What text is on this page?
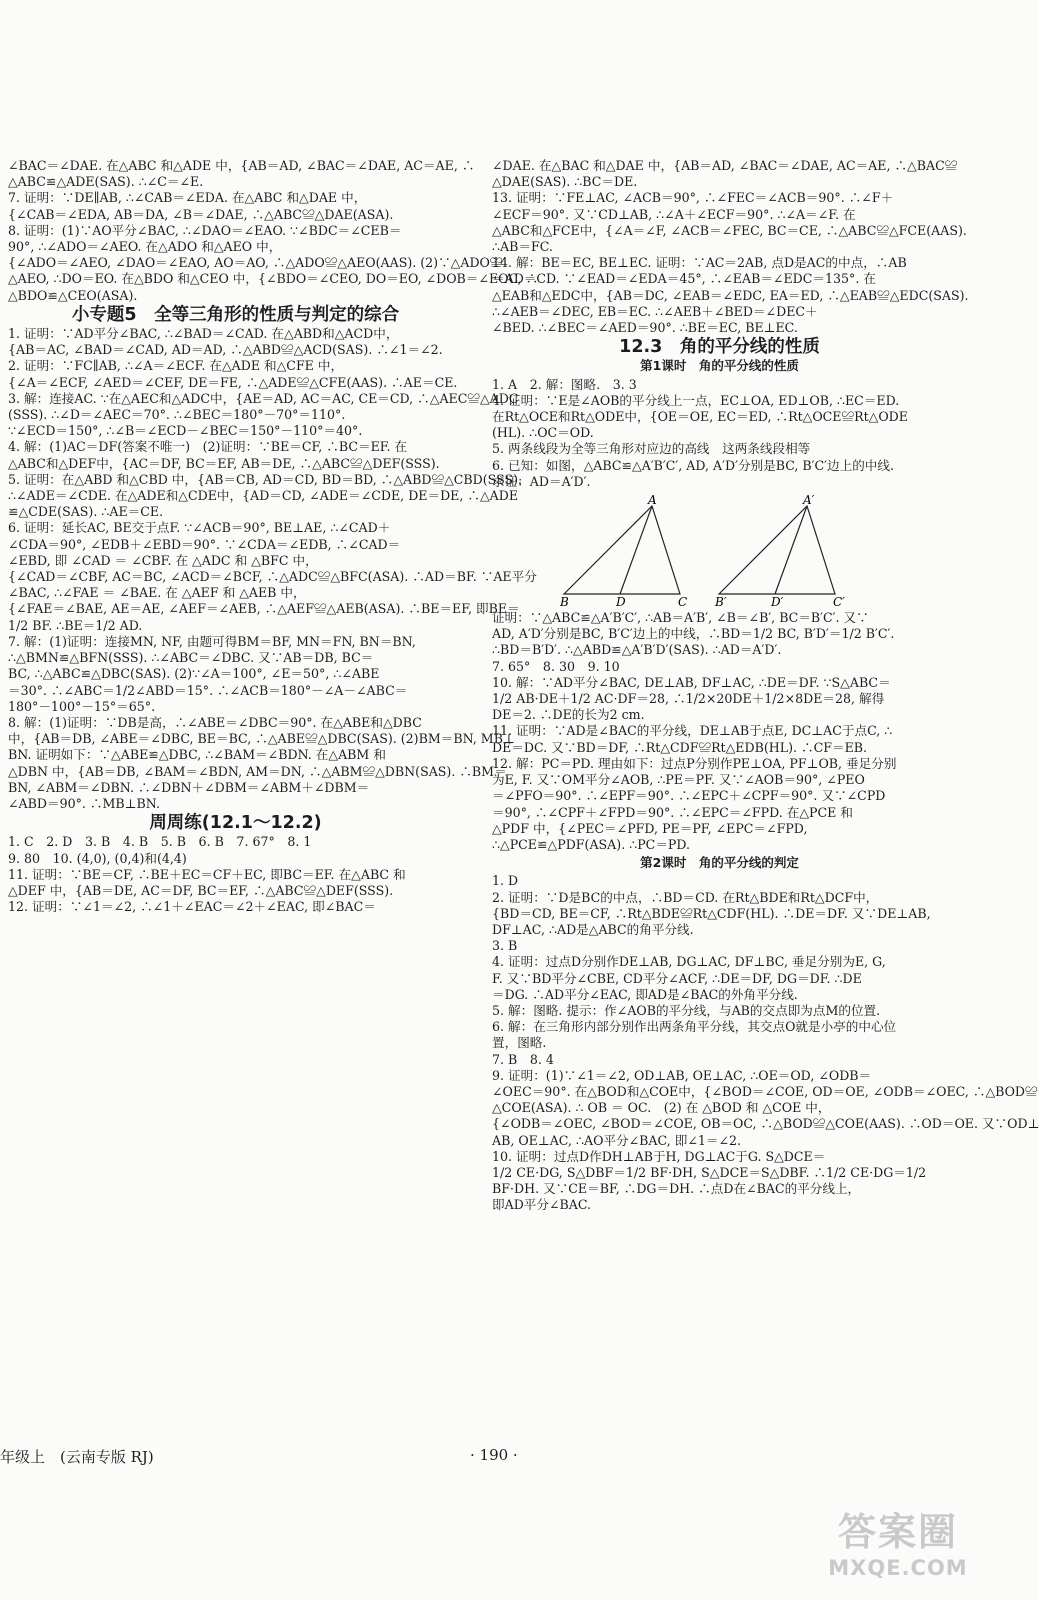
∠BAC＝∠DAE. 在△ABC 和△ADE 中，{AB＝AD, ∠BAC＝∠DAE, AC＝AE, ∴
△ABC≌△ADE(SAS). ∴∠C＝∠E.
7. 证明：∵DE∥AB, ∴∠CAB＝∠EDA. 在△ABC 和△DAE 中，
{∠CAB＝∠EDA, AB＝DA, ∠B＝∠DAE, ∴△ABC≌△DAE(ASA).
8. 证明：(1)∵AO平分∠BAC, ∴∠DAO＝∠EAO. ∵∠BDC＝∠CEB＝
90°, ∴∠ADO＝∠AEO. 在△ADO 和△AEO 中，
{∠ADO＝∠AEO, ∠DAO＝∠EAO, AO＝AO, ∴△ADO≌△AEO(AAS). (2)∵△ADO≌
△AEO, ∴DO＝EO. 在△BDO 和△CEO 中，{∠BDO＝∠CEO, DO＝EO, ∠DOB＝∠EOC, ∴
△BDO≌△CEO(ASA).
小专题5　全等三角形的性质与判定的综合
1. 证明：∵AD平分∠BAC, ∴∠BAD＝∠CAD. 在△ABD和△ACD中，
{AB＝AC, ∠BAD＝∠CAD, AD＝AD, ∴△ABD≌△ACD(SAS). ∴∠1＝∠2.
2. 证明：∵FC∥AB, ∴∠A＝∠ECF. 在△ADE 和△CFE 中，
{∠A＝∠ECF, ∠AED＝∠CEF, DE＝FE, ∴△ADE≌△CFE(AAS). ∴AE＝CE.
3. 解：连接AC. ∵在△AEC和△ADC中，{AE＝AD, AC＝AC, CE＝CD, ∴△AEC≌△ADC
(SSS). ∴∠D＝∠AEC＝70°. ∴∠BEC＝180°－70°＝110°.
∵∠ECD＝150°, ∴∠B＝∠ECD－∠BEC＝150°－110°＝40°.
4. 解：(1)AC＝DF(答案不唯一)　(2)证明：∵BE＝CF, ∴BC＝EF. 在
△ABC和△DEF中，{AC＝DF, BC＝EF, AB＝DE, ∴△ABC≌△DEF(SSS).
5. 证明：在△ABD 和△CBD 中，{AB＝CB, AD＝CD, BD＝BD, ∴△ABD≌△CBD(SSS).
∴∠ADE＝∠CDE. 在△ADE和△CDE中，{AD＝CD, ∠ADE＝∠CDE, DE＝DE, ∴△ADE
≌△CDE(SAS). ∴AE＝CE.
6. 证明：延长AC, BE交于点F. ∵∠ACB＝90°, BE⊥AE, ∴∠CAD＋
∠CDA＝90°, ∠EDB＋∠EBD＝90°. ∵∠CDA＝∠EDB, ∴∠CAD＝
∠EBD, 即 ∠CAD ＝ ∠CBF. 在 △ADC 和 △BFC 中，
{∠CAD＝∠CBF, AC＝BC, ∠ACD＝∠BCF, ∴△ADC≌△BFC(ASA). ∴AD＝BF. ∵AE平分
∠BAC, ∴∠FAE ＝ ∠BAE. 在 △AEF 和 △AEB 中，
{∠FAE＝∠BAE, AE＝AE, ∠AEF＝∠AEB, ∴△AEF≌△AEB(ASA). ∴BE＝EF, 即BE＝
1/2 BF. ∴BE＝1/2 AD.
7. 解：(1)证明：连接MN, NF, 由题可得BM＝BF, MN＝FN, BN＝BN,
∴△BMN≌△BFN(SSS). ∴∠ABC＝∠DBC. 又∵AB＝DB, BC＝
BC, ∴△ABC≌△DBC(SAS). (2)∵∠A＝100°, ∠E＝50°, ∴∠ABE
＝30°. ∴∠ABC＝1/2∠ABD＝15°. ∴∠ACB＝180°－∠A－∠ABC＝
180°－100°－15°＝65°.
8. 解：(1)证明：∵DB是高，∴∠ABE＝∠DBC＝90°. 在△ABE和△DBC
中，{AB＝DB, ∠ABE＝∠DBC, BE＝BC, ∴△ABE≌△DBC(SAS). (2)BM＝BN, MB⊥
BN. 证明如下：∵△ABE≌△DBC, ∴∠BAM＝∠BDN. 在△ABM 和
△DBN 中，{AB＝DB, ∠BAM＝∠BDN, AM＝DN, ∴△ABM≌△DBN(SAS). ∴BM＝
BN, ∠ABM＝∠DBN. ∴∠DBN＋∠DBM＝∠ABM＋∠DBM＝
∠ABD＝90°. ∴MB⊥BN.
周周练(12.1～12.2)
1. C　2. D　3. B　4. B　5. B　6. B　7. 67°　8. 1
9. 80　10. (4,0), (0,4)和(4,4)
11. 证明：∵BE＝CF, ∴BE＋EC＝CF＋EC, 即BC＝EF. 在△ABC 和
△DEF 中，{AB＝DE, AC＝DF, BC＝EF, ∴△ABC≌△DEF(SSS).
12. 证明：∵∠1＝∠2, ∴∠1＋∠EAC＝∠2＋∠EAC, 即∠BAC＝
∠DAE. 在△BAC 和△DAE 中，{AB＝AD, ∠BAC＝∠DAE, AC＝AE, ∴△BAC≌
△DAE(SAS). ∴BC＝DE.
13. 证明：∵FE⊥AC, ∠ACB＝90°, ∴∠FEC＝∠ACB＝90°. ∴∠F＋
∠ECF＝90°. 又∵CD⊥AB, ∴∠A＋∠ECF＝90°. ∴∠A＝∠F. 在
△ABC和△FCE中，{∠A＝∠F, ∠ACB＝∠FEC, BC＝CE, ∴△ABC≌△FCE(AAS).
∴AB＝FC.
14. 解：BE＝EC, BE⊥EC. 证明：∵AC＝2AB, 点D是AC的中点，∴AB
＝AD＝CD. ∵∠EAD＝∠EDA＝45°, ∴∠EAB＝∠EDC＝135°. 在
△EAB和△EDC中，{AB＝DC, ∠EAB＝∠EDC, EA＝ED, ∴△EAB≌△EDC(SAS).
∴∠AEB＝∠DEC, EB＝EC. ∴∠AEB＋∠BED＝∠DEC＋
∠BED. ∴∠BEC＝∠AED＝90°. ∴BE＝EC, BE⊥EC.
12.3　角的平分线的性质
第1课时　角的平分线的性质
1. A　2. 解：图略.　3. 3
4. 证明：∵E是∠AOB的平分线上一点，EC⊥OA, ED⊥OB, ∴EC＝ED.
在Rt△OCE和Rt△ODE中，{OE＝OE, EC＝ED, ∴Rt△OCE≌Rt△ODE
(HL). ∴OC＝OD.
5. 两条线段为全等三角形对应边的高线　这两条线段相等
6. 已知：如图，△ABC≌△A′B′C′, AD, A′D′分别是BC, B′C′边上的中线.
求证：AD＝A′D′.
A
B	D	C
A′
B′	D′	C′
证明：∵△ABC≌△A′B′C′, ∴AB＝A′B′, ∠B＝∠B′, BC＝B′C′. 又∵
AD, A′D′分别是BC, B′C′边上的中线，∴BD＝1/2 BC, B′D′＝1/2 B′C′.
∴BD＝B′D′. ∴△ABD≌△A′B′D′(SAS). ∴AD＝A′D′.
7. 65°　8. 30　9. 10
10. 解：∵AD平分∠BAC, DE⊥AB, DF⊥AC, ∴DE＝DF. ∵S△ABC＝
1/2 AB·DE＋1/2 AC·DF＝28, ∴1/2×20DE＋1/2×8DE＝28, 解得
DE＝2. ∴DE的长为2 cm.
11. 证明：∵AD是∠BAC的平分线，DE⊥AB于点E, DC⊥AC于点C, ∴
DE＝DC. 又∵BD＝DF, ∴Rt△CDF≌Rt△EDB(HL). ∴CF＝EB.
12. 解：PC＝PD. 理由如下：过点P分别作PE⊥OA, PF⊥OB, 垂足分别
为E, F. 又∵OM平分∠AOB, ∴PE＝PF. 又∵∠AOB＝90°, ∠PEO
＝∠PFO＝90°. ∴∠EPF＝90°. ∴∠EPC＋∠CPF＝90°. 又∵∠CPD
＝90°, ∴∠CPF＋∠FPD＝90°. ∴∠EPC＝∠FPD. 在△PCE 和
△PDF 中，{∠PEC＝∠PFD, PE＝PF, ∠EPC＝∠FPD,
∴△PCE≌△PDF(ASA). ∴PC＝PD.
第2课时　角的平分线的判定
1. D
2. 证明：∵D是BC的中点，∴BD＝CD. 在Rt△BDE和Rt△DCF中，
{BD＝CD, BE＝CF, ∴Rt△BDE≌Rt△CDF(HL). ∴DE＝DF. 又∵DE⊥AB,
DF⊥AC, ∴AD是△ABC的角平分线.
3. B
4. 证明：过点D分别作DE⊥AB, DG⊥AC, DF⊥BC, 垂足分别为E, G,
F. 又∵BD平分∠CBE, CD平分∠ACF, ∴DE＝DF, DG＝DF. ∴DE
＝DG. ∴AD平分∠EAC, 即AD是∠BAC的外角平分线.
5. 解：图略. 提示：作∠AOB的平分线，与AB的交点即为点M的位置.
6. 解：在三角形内部分别作出两条角平分线，其交点O就是小亭的中心位
置，图略.
7. B　8. 4
9. 证明：(1)∵∠1＝∠2, OD⊥AB, OE⊥AC, ∴OE＝OD, ∠ODB＝
∠OEC＝90°. 在△BOD和△COE中，{∠BOD＝∠COE, OD＝OE, ∠ODB＝∠OEC, ∴△BOD≌
△COE(ASA). ∴ OB ＝ OC.　(2) 在 △BOD 和 △COE 中，
{∠ODB＝∠OEC, ∠BOD＝∠COE, OB＝OC, ∴△BOD≌△COE(AAS). ∴OD＝OE. 又∵OD⊥
AB, OE⊥AC, ∴AO平分∠BAC, 即∠1＝∠2.
10. 证明：过点D作DH⊥AB于H, DG⊥AC于G. S△DCE＝
1/2 CE·DG, S△DBF＝1/2 BF·DH, S△DCE＝S△DBF. ∴1/2 CE·DG＝1/2
BF·DH. 又∵CE＝BF, ∴DG＝DH. ∴点D在∠BAC的平分线上，
即AD平分∠BAC.
年级上　(云南专版 RJ)	· 190 ·
答案圈
MXQE.COM
